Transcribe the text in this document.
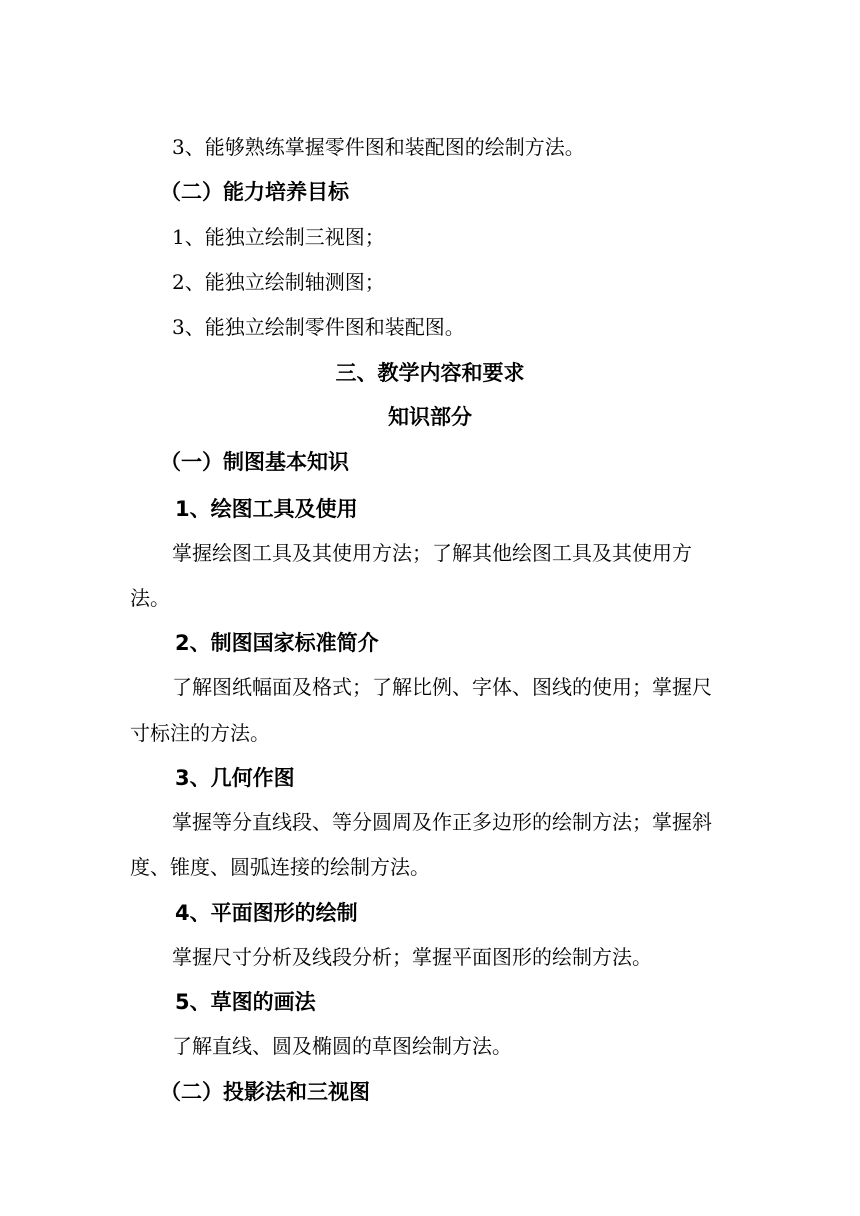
3、能够熟练掌握零件图和装配图的绘制方法。

（二）能力培养目标

1、能独立绘制三视图；

2、能独立绘制轴测图；

3、能独立绘制零件图和装配图。

三、教学内容和要求

知识部分

（一）制图基本知识

1、绘图工具及使用

掌握绘图工具及其使用方法；了解其他绘图工具及其使用方

法。

2、制图国家标准简介

了解图纸幅面及格式；了解比例、字体、图线的使用；掌握尺

寸标注的方法。

3、几何作图

掌握等分直线段、等分圆周及作正多边形的绘制方法；掌握斜

度、锥度、圆弧连接的绘制方法。

4、平面图形的绘制

掌握尺寸分析及线段分析；掌握平面图形的绘制方法。

5、草图的画法

了解直线、圆及椭圆的草图绘制方法。

（二）投影法和三视图
